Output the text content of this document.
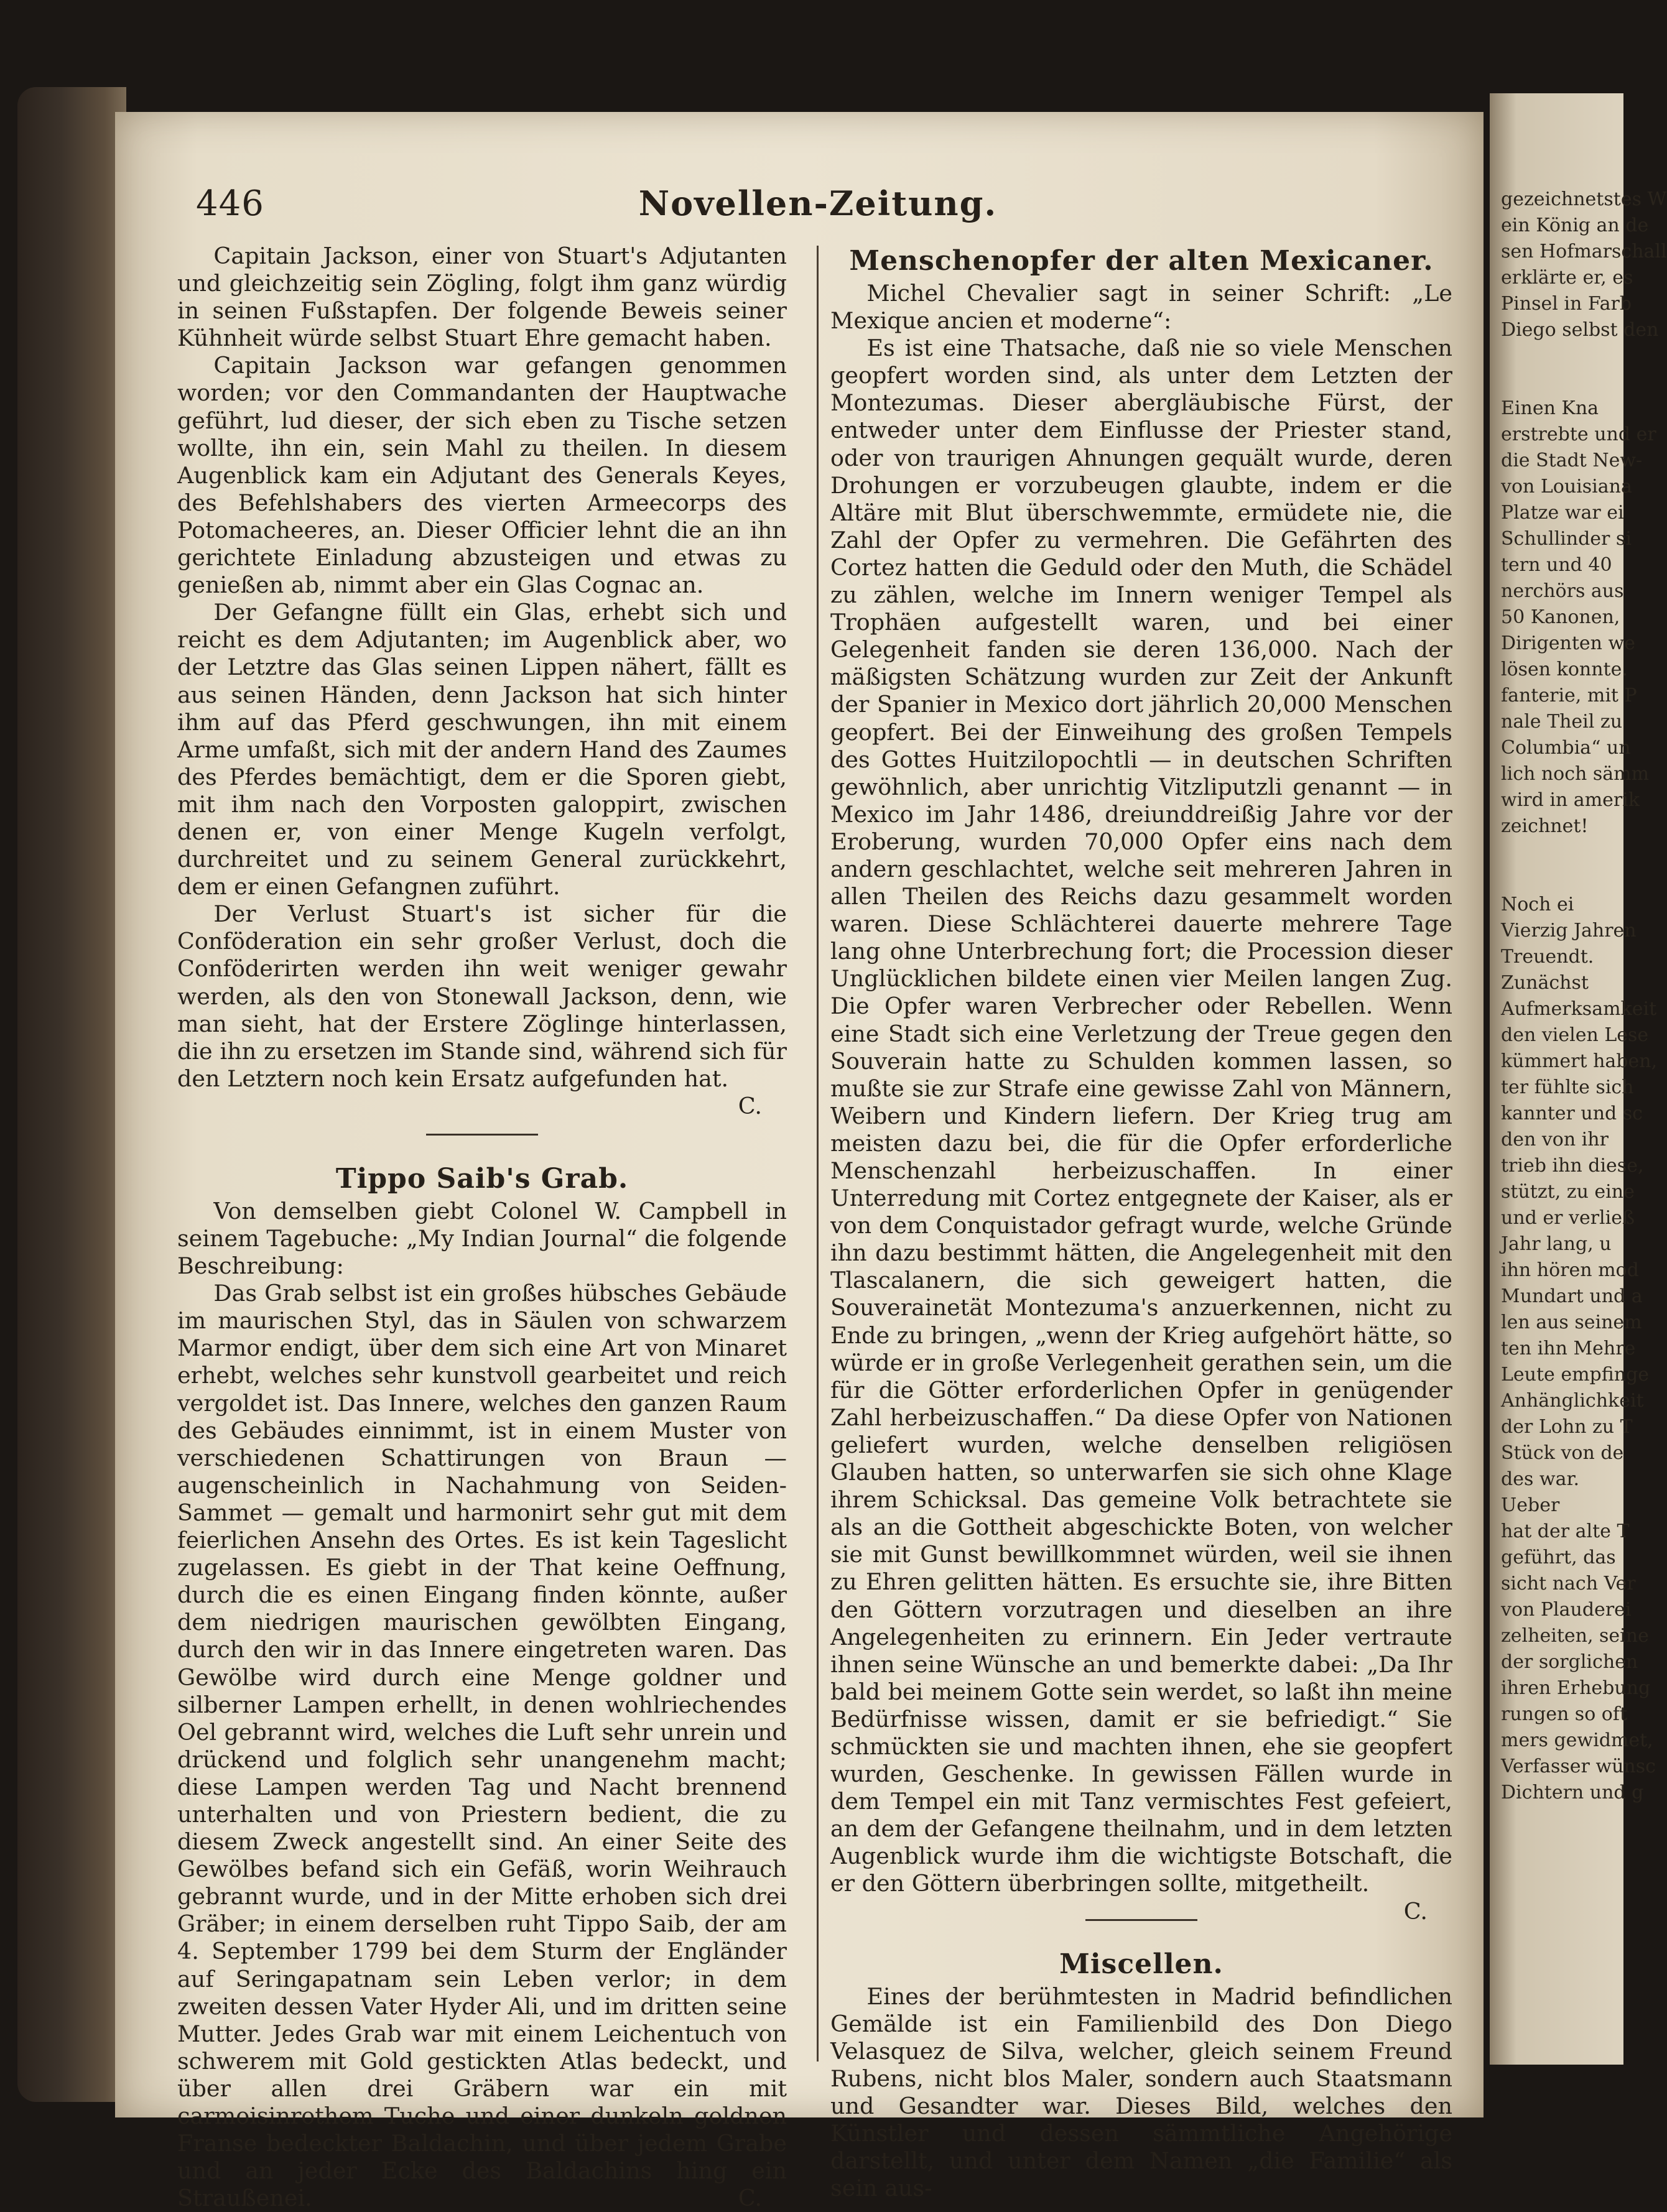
446	Novellen-Zeitung.

Capitain Jackson, einer von Stuart's Adjutanten und gleichzeitig sein Zögling, folgt ihm ganz würdig in seinen Fußstapfen. Der folgende Beweis seiner Kühnheit würde selbst Stuart Ehre gemacht haben.

Capitain Jackson war gefangen genommen worden; vor den Commandanten der Hauptwache geführt, lud dieser, der sich eben zu Tische setzen wollte, ihn ein, sein Mahl zu theilen. In diesem Augenblick kam ein Adjutant des Generals Keyes, des Befehlshabers des vierten Armeecorps des Potomacheeres, an. Dieser Officier lehnt die an ihn gerichtete Einladung abzusteigen und etwas zu genießen ab, nimmt aber ein Glas Cognac an.

Der Gefangne füllt ein Glas, erhebt sich und reicht es dem Adjutanten; im Augenblick aber, wo der Letztre das Glas seinen Lippen nähert, fällt es aus seinen Händen, denn Jackson hat sich hinter ihm auf das Pferd geschwungen, ihn mit einem Arme umfaßt, sich mit der andern Hand des Zaumes des Pferdes bemächtigt, dem er die Sporen giebt, mit ihm nach den Vorposten galoppirt, zwischen denen er, von einer Menge Kugeln verfolgt, durchreitet und zu seinem General zurückkehrt, dem er einen Gefangnen zuführt.

Der Verlust Stuart's ist sicher für die Conföderation ein sehr großer Verlust, doch die Conföderirten werden ihn weit weniger gewahr werden, als den von Stonewall Jackson, denn, wie man sieht, hat der Erstere Zöglinge hinterlassen, die ihn zu ersetzen im Stande sind, während sich für den Letztern noch kein Ersatz aufgefunden hat.
C.

Tippo Saib's Grab.

Von demselben giebt Colonel W. Campbell in seinem Tagebuche: „My Indian Journal“ die folgende Beschreibung:

Das Grab selbst ist ein großes hübsches Gebäude im maurischen Styl, das in Säulen von schwarzem Marmor endigt, über dem sich eine Art von Minaret erhebt, welches sehr kunstvoll gearbeitet und reich vergoldet ist. Das Innere, welches den ganzen Raum des Gebäudes einnimmt, ist in einem Muster von verschiedenen Schattirungen von Braun — augenscheinlich in Nachahmung von Seiden-Sammet — gemalt und harmonirt sehr gut mit dem feierlichen Ansehn des Ortes. Es ist kein Tageslicht zugelassen. Es giebt in der That keine Oeffnung, durch die es einen Eingang finden könnte, außer dem niedrigen maurischen gewölbten Eingang, durch den wir in das Innere eingetreten waren. Das Gewölbe wird durch eine Menge goldner und silberner Lampen erhellt, in denen wohlriechendes Oel gebrannt wird, welches die Luft sehr unrein und drückend und folglich sehr unangenehm macht; diese Lampen werden Tag und Nacht brennend unterhalten und von Priestern bedient, die zu diesem Zweck angestellt sind. An einer Seite des Gewölbes befand sich ein Gefäß, worin Weihrauch gebrannt wurde, und in der Mitte erhoben sich drei Gräber; in einem derselben ruht Tippo Saib, der am 4. September 1799 bei dem Sturm der Engländer auf Seringapatnam sein Leben verlor; in dem zweiten dessen Vater Hyder Ali, und im dritten seine Mutter. Jedes Grab war mit einem Leichentuch von schwerem mit Gold gestickten Atlas bedeckt, und über allen drei Gräbern war ein mit carmoisinrothem Tuche und einer dunkeln goldnen Franse bedeckter Baldachin, und über jedem Grabe und an jeder Ecke des Baldachins hing ein Straußenei.	C.

Menschenopfer der alten Mexicaner.

Michel Chevalier sagt in seiner Schrift: „Le Mexique ancien et moderne“:

Es ist eine Thatsache, daß nie so viele Menschen geopfert worden sind, als unter dem Letzten der Montezumas. Dieser abergläubische Fürst, der entweder unter dem Einflusse der Priester stand, oder von traurigen Ahnungen gequält wurde, deren Drohungen er vorzubeugen glaubte, indem er die Altäre mit Blut überschwemmte, ermüdete nie, die Zahl der Opfer zu vermehren. Die Gefährten des Cortez hatten die Geduld oder den Muth, die Schädel zu zählen, welche im Innern weniger Tempel als Trophäen aufgestellt waren, und bei einer Gelegenheit fanden sie deren 136,000. Nach der mäßigsten Schätzung wurden zur Zeit der Ankunft der Spanier in Mexico dort jährlich 20,000 Menschen geopfert. Bei der Einweihung des großen Tempels des Gottes Huitzilopochtli — in deutschen Schriften gewöhnlich, aber unrichtig Vitzliputzli genannt — in Mexico im Jahr 1486, dreiunddreißig Jahre vor der Eroberung, wurden 70,000 Opfer eins nach dem andern geschlachtet, welche seit mehreren Jahren in allen Theilen des Reichs dazu gesammelt worden waren. Diese Schlächterei dauerte mehrere Tage lang ohne Unterbrechung fort; die Procession dieser Unglücklichen bildete einen vier Meilen langen Zug. Die Opfer waren Verbrecher oder Rebellen. Wenn eine Stadt sich eine Verletzung der Treue gegen den Souverain hatte zu Schulden kommen lassen, so mußte sie zur Strafe eine gewisse Zahl von Männern, Weibern und Kindern liefern. Der Krieg trug am meisten dazu bei, die für die Opfer erforderliche Menschenzahl herbeizuschaffen. In einer Unterredung mit Cortez entgegnete der Kaiser, als er von dem Conquistador gefragt wurde, welche Gründe ihn dazu bestimmt hätten, die Angelegenheit mit den Tlascalanern, die sich geweigert hatten, die Souverainetät Montezuma's anzuerkennen, nicht zu Ende zu bringen, „wenn der Krieg aufgehört hätte, so würde er in große Verlegenheit gerathen sein, um die für die Götter erforderlichen Opfer in genügender Zahl herbeizuschaffen.“ Da diese Opfer von Nationen geliefert wurden, welche denselben religiösen Glauben hatten, so unterwarfen sie sich ohne Klage ihrem Schicksal. Das gemeine Volk betrachtete sie als an die Gottheit abgeschickte Boten, von welcher sie mit Gunst bewillkommnet würden, weil sie ihnen zu Ehren gelitten hätten. Es ersuchte sie, ihre Bitten den Göttern vorzutragen und dieselben an ihre Angelegenheiten zu erinnern. Ein Jeder vertraute ihnen seine Wünsche an und bemerkte dabei: „Da Ihr bald bei meinem Gotte sein werdet, so laßt ihn meine Bedürfnisse wissen, damit er sie befriedigt.“ Sie schmückten sie und machten ihnen, ehe sie geopfert wurden, Geschenke. In gewissen Fällen wurde in dem Tempel ein mit Tanz vermischtes Fest gefeiert, an dem der Gefangene theilnahm, und in dem letzten Augenblick wurde ihm die wichtigste Botschaft, die er den Göttern überbringen sollte, mitgetheilt.
C.

Miscellen.

Eines der berühmtesten in Madrid befindlichen Gemälde ist ein Familienbild des Don Diego Velasquez de Silva, welcher, gleich seinem Freund Rubens, nicht blos Maler, sondern auch Staatsmann und Gesandter war. Dieses Bild, welches den Künstler und dessen sämmtliche Angehörige darstellt, und unter dem Namen „die Familie“ als sein aus-

gezeichnetstes W
ein König an de
sen Hofmarschall
erklärte er, es
Pinsel in Farb
Diego selbst den

Einen Kna
erstrebte und er
die Stadt New-
von Louisiana
Platze war ei
Schullinder si
tern und 40
nerchörs aus
50 Kanonen,
Dirigenten we
lösen konnte.
fanterie, mit P
nale Theil zu
Columbia“ un
lich noch sämm
wird in amerik
zeichnet!

Noch ei
Vierzig Jahren
Treuendt.
Zunächst
Aufmerksamkeit
den vielen Lese
kümmert haben,
ter fühlte sich
kannter und sc
den von ihr
trieb ihn diese,
stützt, zu eine
und er verließ
Jahr lang, u
ihn hören mod
Mundart und a
len aus seinem
ten ihn Mehre
Leute empfinge
Anhänglichkeit
der Lohn zu T
Stück von de
des war.
Ueber
hat der alte T
geführt, das
sicht nach Ver
von Plauderei
zelheiten, seine
der sorglichen
ihren Erhebung
rungen so oft
mers gewidmet,
Verfasser wünsc
Dichtern und g
